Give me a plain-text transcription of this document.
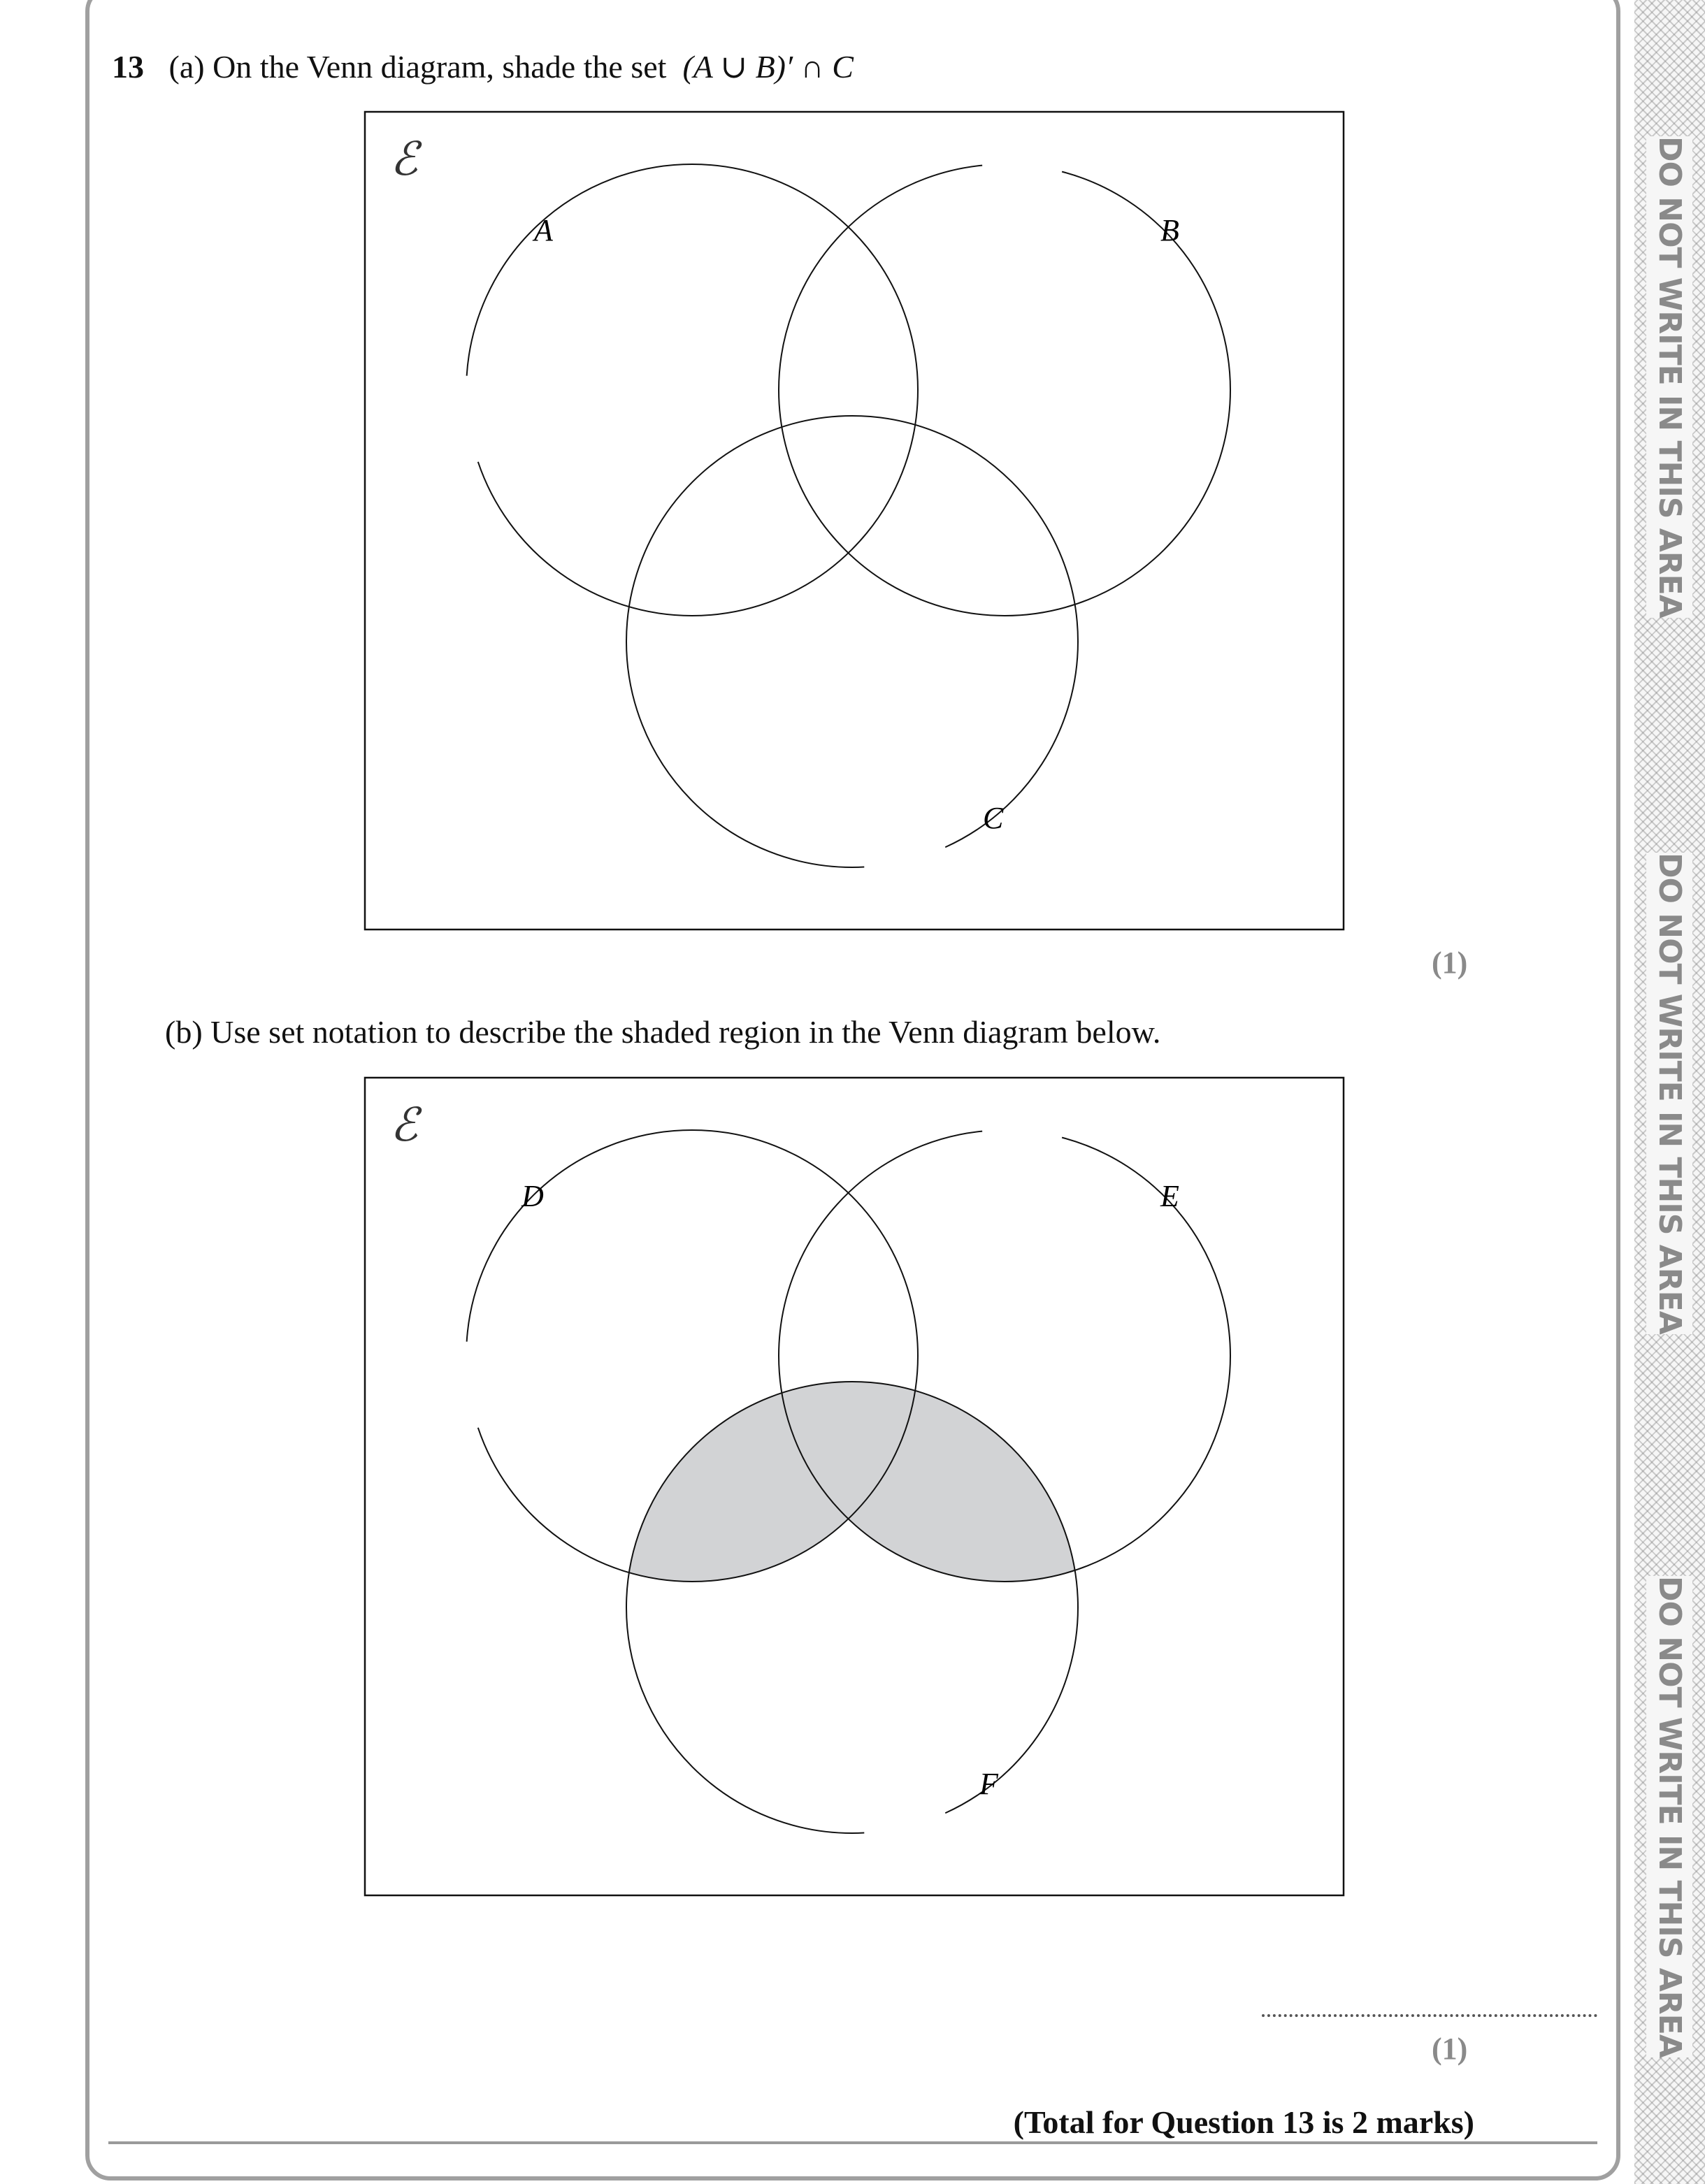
DO NOT WRITE IN THIS AREA
DO NOT WRITE IN THIS AREA
DO NOT WRITE IN THIS AREA
13 (a) On the Venn diagram, shade the set (A ∪ B)′ ∩ C
ℰ
A	B
C
(1)
(b) Use set notation to describe the shaded region in the Venn diagram below.
ℰ
D	E
F
(1)
(Total for Question 13 is 2 marks)
